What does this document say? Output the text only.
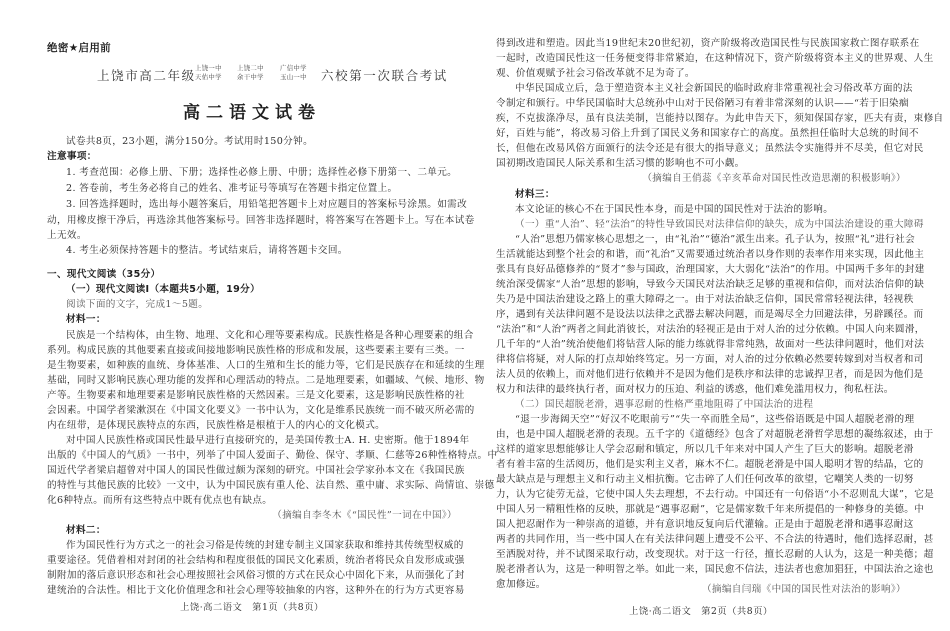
绝密★启用前
上饶市高二年级 上饶一中
天佑中学
上饶二中
余干中学
广信中学
玉山一中 六校第一次联合考试
高二语文试卷
试卷共8页，23小题，满分150分。考试用时150分钟。
注意事项：
1. 考查范围：必修上册、下册；选择性必修上册、中册；选择性必修下册第一、二单元。
2. 答卷前，考生务必将自己的姓名、准考证号等填写在答题卡指定位置上。
3. 回答选择题时，选出每小题答案后，用铅笔把答题卡上对应题目的答案标号涂黑。如需改
动，用橡皮擦干净后，再选涂其他答案标号。回答非选择题时，将答案写在答题卡上。写在本试卷
上无效。
4. 考生必须保持答题卡的整洁。考试结束后，请将答题卡交回。
一、现代文阅读（35分）
（一）现代文阅读Ⅰ（本题共5小题，19分）
阅读下面的文字，完成1～5题。
材料一：
民族是一个结构体，由生物、地理、文化和心理等要素构成。民族性格是各种心理要素的组合
系列。构成民族的其他要素直接或间接地影响民族性格的形成和发展，这些要素主要有三类。一
是生物要素，如种族的血统、身体基准、人口的生殖和生长的能力等，它们是民族存在和延续的生理
基础，同时又影响民族心理功能的发挥和心理活动的特点。二是地理要素，如疆域、气候、地形、物
产等。生物要素和地理要素是影响民族性格的天然因素。三是文化要素，这是影响民族性格的社
会因素。中国学者梁漱溟在《中国文化要义》一书中认为，文化是维系民族统一而不破灭所必需的
内在纽带，是体现民族特点的东西，民族性格是根植于人的内心的文化模式。
对中国人民族性格或国民性最早进行直接研究的，是美国传教士A. H. 史密斯。他于1894年
出版的《中国人的气质》一书中，列举了中国人爱面子、勤俭、保守、孝顺、仁慈等26种性格特点。中
国近代学者梁启超曾对中国人的国民性做过颇为深刻的研究。中国社会学家孙本文在《我国民族
的特性与其他民族的比较》一文中，认为中国民族有重人伦、法自然、重中庸、求实际、尚情谊、崇德
化6种特点。而所有这些特点中既有优点也有缺点。
（摘编自李冬木《“国民性”一词在中国》）
材料二：
作为国民性行为方式之一的社会习俗是传统的封建专制主义国家获取和维持其传统型权威的
重要途径。凭借着相对封闭的社会结构和程度很低的国民文化素质，统治者将民众自发形成或强
制附加的落后意识形态和社会心理按照社会风俗习惯的方式在民众心中固化下来，从而强化了封
建统治的合法性。相比于文化价值理念和社会心理等较抽象的内容，这种外在的行为方式更容易
上饶·高二语文　第1页（共8页）
得到改进和塑造。因此当19世纪末20世纪初，资产阶级将改造国民性与民族国家救亡图存联系在
一起时，改造国民性这一任务便变得非常紧迫，在这种情况下，资产阶级将资本主义的世界观、人生
观、价值观赋予社会习俗改革就不足为奇了。
中华民国成立后，急于塑造资本主义社会新国民的临时政府非常重视社会习俗改革方面的法
令制定和颁行。中华民国临时大总统孙中山对于民俗陋习有着非常深刻的认识——“若于旧染痼
疾，不克拔涤净尽，虽有良法美制，岂能持以图存。为此申告天下，须知保国存家，匹夫有责，束修自
好，百姓与能”，将改易习俗上升到了国民义务和国家存亡的高度。虽然担任临时大总统的时间不
长，但他在改易风俗方面颁行的法令还是有很大的指导意义；虽然法令实施得并不尽美，但它对民
国初期改造国民人际关系和生活习惯的影响也不可小觑。
（摘编自王俏蕊《辛亥革命对国民性改造思潮的积极影响》）
材料三：
本文论证的核心不在于国民性本身，而是中国的国民性对于法治的影响。
（一）重“人治”、轻“法治”的特性导致国民对法律信仰的缺失，成为中国法治建设的重大障碍
“人治”思想乃儒家核心思想之一，由“礼治”“德治”派生出来。孔子认为，按照“礼”进行社会
生活就能达到整个社会的和谐，而“礼治”又需要通过统治者以身作则的表率作用来实现，因此他主
张具有良好品德修养的“贤才”参与国政，治理国家，大大弱化“法治”的作用。中国两千多年的封建
统治深受儒家“人治”思想的影响，导致今天国民对法治缺乏足够的重视和信仰，而对法治信仰的缺
失乃是中国法治建设之路上的重大障碍之一。由于对法治缺乏信仰，国民常常轻视法律，轻视秩
序，遇到有关法律问题不是设法以法律之武器去解决问题，而是竭尽全力回避法律，另辟蹊径。而
“法治”和“人治”两者之间此消彼长，对法治的轻视正是由于对人治的过分依赖。中国人向来圆滑，
几千年的“人治”统治使他们将钻营人际的能力练就得非常纯熟，故面对一些法律问题时，他们对法
律将信将疑，对人际的打点却始终笃定。另一方面，对人治的过分依赖必然要转嫁到对当权者和司
法人员的依赖上，而对他们进行依赖并不是因为他们是秩序和法律的忠诚捍卫者，而是因为他们是
权力和法律的最终执行者，面对权力的压迫、利益的诱惑，他们难免滥用权力，徇私枉法。
（二）国民超脱老滑，遇事忍耐的性格严重地阻碍了中国法治的进程
“退一步海阔天空”“好汉不吃眼前亏”“失一卒而胜全局”，这些俗语既是中国人超脱老滑的理
由，也是中国人超脱老滑的表现。五千字的《道德经》包含了对超脱老滑哲学思想的凝练叙述，由于
这样的道家思想能够让人学会忍耐和镇定，所以几千年来对中国人产生了巨大的影响。超脱老滑
者有着丰富的生活阅历，他们是实利主义者，麻木不仁。超脱老滑是中国人聪明才智的结晶，它的
最大缺点是与理想主义和行动主义相抗衡。它击碎了人们任何改革的欲望，它嘲笑人类的一切努
力，认为它徒劳无益，它使中国人失去理想，不去行动。中国还有一句俗语“小不忍则乱大谋”，它是
中国人另一精粗性格的反映，那就是“遇事忍耐”，它是儒家数千年来所提倡的一种修身的美德。中
国人把忍耐作为一种崇高的道德，并有意识地反复向后代灌输。正是由于超脱老滑和遇事忍耐这
两者的共同作用，当一些中国人在有关法律问题上遭受不公平、不合法的待遇时，他们选择忍耐，甚
至洒脱对待，并不试图采取行动，改变现状。对于这一行径，擅长忍耐的人认为，这是一种美德；超
脱老滑者认为，这是一种明智之举。如此一来，国民愈不信法，违法者也愈加猖狂，中国法治之途也
愈加修远。	（摘编自闫瑞《中国的国民性对法治的影响》）
上饶·高二语文　第2页（共8页）
